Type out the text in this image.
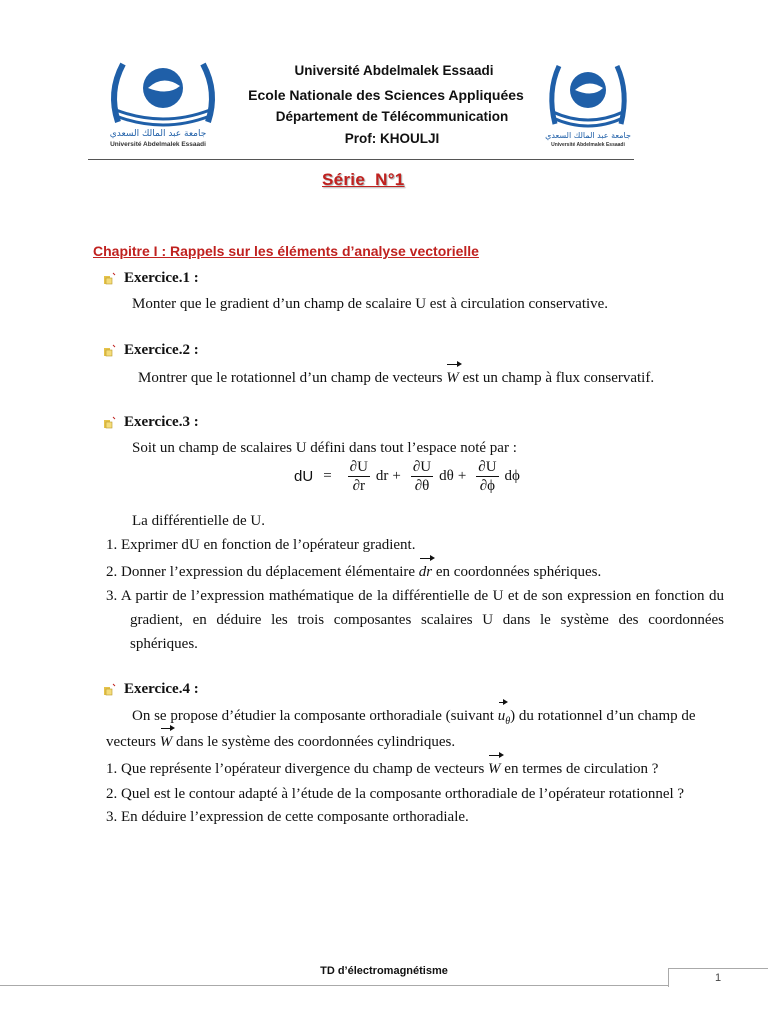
جامعة عبد المالك السعدي
Université Abdelmalek Essaadi
جامعة عبد المالك السعدي
Université Abdelmalek Essaadi
Université Abdelmalek Essaadi
Ecole Nationale des Sciences Appliquées
Département de Télécommunication
Prof: KHOULJI
Série  N°1
Chapitre I : Rappels sur les éléments d’analyse vectorielle
Exercice.1 :
Monter que le gradient d’un champ de scalaire U est à circulation conservative.
Exercice.2 :
Montrer que le rotationnel d’un champ de vecteurs W est un champ à flux conservatif.
Exercice.3 :
Soit un champ de scalaires U défini dans tout l’espace noté par :
dU = $\frac{\partial U}{\partial r}$ dr + $\frac{\partial U}{\partial\theta}$ $d\theta + \frac{\partial U}{\partial\phi}$ dϕ
La différentielle de U.
1. Exprimer dU en fonction de l’opérateur gradient.
2. Donner l’expression du déplacement élémentaire dr en coordonnées sphériques.
3. A partir de l’expression mathématique de la différentielle de U et de son expression en fonction du gradient, en déduire les trois composantes scalaires U dans le système des coordonnées sphériques.
Exercice.4 :
On se propose d’étudier la composante orthoradiale (suivant $u_\theta$) du rotationnel d’un champ de
vecteurs W dans le système des coordonnées cylindriques.
1. Que représente l’opérateur divergence du champ de vecteurs W en termes de circulation ?
2. Quel est le contour adapté à l’étude de la composante orthoradiale de l’opérateur rotationnel ?
3. En déduire l’expression de cette composante orthoradiale.
TD d’électromagnétisme
1
